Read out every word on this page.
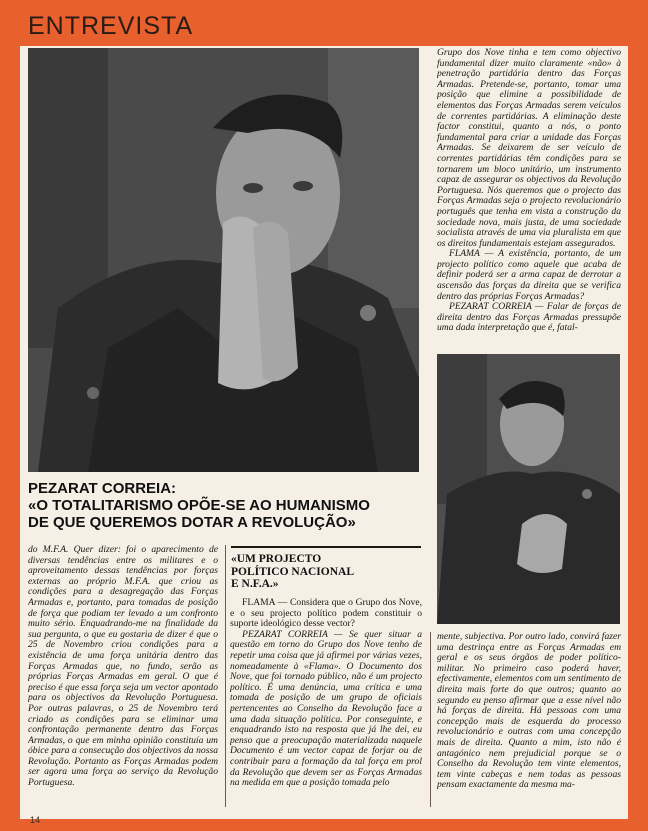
ENTREVISTA
PEZARAT CORREIA:
«O TOTALITARISMO OPÕE-SE AO HUMANISMO
DE QUE QUEREMOS DOTAR A REVOLUÇÃO»

Grupo dos Nove tinha e tem como objectivo fundamental dizer muito claramente «não» à penetração partidária dentro das Forças Armadas. Pretende-se, portanto, tomar uma posição que elimine a possibilidade de elementos das Forças Armadas serem veículos de correntes partidárias. A eliminação deste factor constitui, quanto a nós, o ponto fundamental para criar a unidade das Forças Armadas. Se deixarem de ser veículo de correntes partidárias têm condições para se tornarem um bloco unitário, um instrumento capaz de assegurar os objectivos da Revolução Portuguesa. Nós queremos que o projecto das Forças Armadas seja o projecto revolucionário português que tenha em vista a construção da sociedade nova, mais justa, de uma sociedade socialista através de uma via pluralista em que os direitos fundamentais estejam assegurados.

FLAMA — A existência, portanto, de um projecto político como aquele que acaba de definir poderá ser a arma capaz de derrotar a ascensão das forças da direita que se verifica dentro das próprias Forças Armadas?

PEZARAT CORREIA — Falar de forças de direita dentro das Forças Armadas pressupõe uma dada interpretação que é, fatal-

do M.F.A. Quer dizer: foi o aparecimento de diversas tendências entre os militares e o aproveitamento dessas tendências por forças externas ao próprio M.F.A. que criou as condições para a desagregação das Forças Armadas e, portanto, para tomadas de posição de força que podiam ter levado a um confronto muito sério. Enquadrando-me na finalidade da sua pergunta, o que eu gostaria de dizer é que o 25 de Novembro criou condições para a existência de uma força unitária dentro das Forças Armadas que, no fundo, serão as próprias Forças Armadas em geral. O que é preciso é que essa força seja um vector apontado para os objectivos da Revolução Portuguesa. Por outras palavras, o 25 de Novembro terá criado as condições para se eliminar uma confrontação permanente dentro das Forças Armadas, o que em minha opinião constituía um óbice para a consecução dos objectivos da nossa Revolução. Portanto as Forças Armadas podem ser agora uma força ao serviço da Revolução Portuguesa.

«UM PROJECTO
POLÍTICO NACIONAL
E N.F.A.»

FLAMA — Considera que o Grupo dos Nove, e o seu projecto político podem constituir o suporte ideológico desse vector?

PEZARAT CORREIA — Se quer situar a questão em torno do Grupo dos Nove tenho de repetir uma coisa que já afirmei por várias vezes, nomeadamente à «Flama». O Documento dos Nove, que foi tornado público, não é um projecto político. É uma denúncia, uma crítica e uma tomada de posição de um grupo de oficiais pertencentes ao Conselho da Revolução face a uma dada situação política. Por conseguinte, e enquadrando isto na resposta que já lhe dei, eu penso que a preocupação materializada naquele Documento é um vector capaz de forjar ou de contribuir para a formação da tal força em prol da Revolução que devem ser as Forças Armadas na medida em que a posição tomada pelo

mente, subjectiva. Por outro lado, convirá fazer uma destrinça entre as Forças Armadas em geral e os seus órgãos de poder político-militar. No primeiro caso poderá haver, efectivamente, elementos com um sentimento de direita mais forte do que outros; quanto ao segundo eu penso afirmar que a esse nível não há forças de direita. Há pessoas com uma concepção mais de esquerda do processo revolucionário e outras com uma concepção mais de direita. Quanto a mim, isto não é antagónico nem prejudicial porque se o Conselho da Revolução tem vinte elementos, tem vinte cabeças e nem todas as pessoas pensam exactamente da mesma ma-

14
